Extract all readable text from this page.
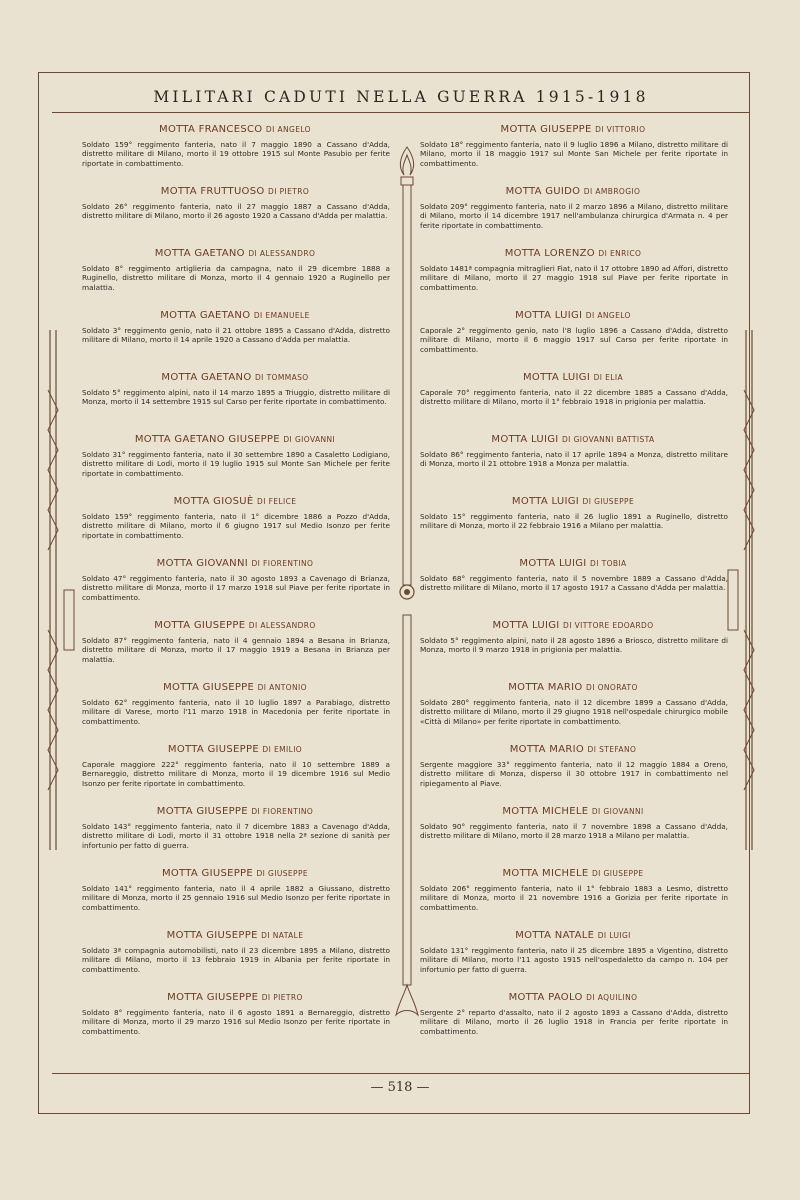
MILITARI CADUTI NELLA GUERRA 1915-1918

MOTTA FRANCESCO DI ANGELO

Soldato 159° reggimento fanteria, nato il 7 maggio 1890 a Cassano d'Adda, distretto militare di Milano, morto il 19 ottobre 1915 sul Monte Pasubio per ferite riportate in combattimento.

MOTTA FRUTTUOSO DI PIETRO

Soldato 26° reggimento fanteria, nato il 27 maggio 1887 a Cassano d'Adda, distretto militare di Milano, morto il 26 agosto 1920 a Cassano d'Adda per malattia.

MOTTA GAETANO DI ALESSANDRO

Soldato 8° reggimento artiglieria da campagna, nato il 29 dicembre 1888 a Ruginello, distretto militare di Monza, morto il 4 gennaio 1920 a Ruginello per malattia.

MOTTA GAETANO DI EMANUELE

Soldato 3° reggimento genio, nato il 21 ottobre 1895 a Cassano d'Adda, distretto militare di Milano, morto il 14 aprile 1920 a Cassano d'Adda per malattia.

MOTTA GAETANO DI TOMMASO

Soldato 5° reggimento alpini, nato il 14 marzo 1895 a Triuggio, distretto militare di Monza, morto il 14 settembre 1915 sul Carso per ferite riportate in combattimento.

MOTTA GAETANO GIUSEPPE DI GIOVANNI

Soldato 31° reggimento fanteria, nato il 30 settembre 1890 a Casaletto Lodigiano, distretto militare di Lodi, morto il 19 luglio 1915 sul Monte San Michele per ferite riportate in combattimento.

MOTTA GIOSUÈ DI FELICE

Soldato 159° reggimento fanteria, nato il 1° dicembre 1886 a Pozzo d'Adda, distretto militare di Milano, morto il 6 giugno 1917 sul Medio Isonzo per ferite riportate in combattimento.

MOTTA GIOVANNI DI FIORENTINO

Soldato 47° reggimento fanteria, nato il 30 agosto 1893 a Cavenago di Brianza, distretto militare di Monza, morto il 17 marzo 1918 sul Piave per ferite riportate in combattimento.

MOTTA GIUSEPPE DI ALESSANDRO

Soldato 87° reggimento fanteria, nato il 4 gennaio 1894 a Besana in Brianza, distretto militare di Monza, morto il 17 maggio 1919 a Besana in Brianza per malattia.

MOTTA GIUSEPPE DI ANTONIO

Soldato 62° reggimento fanteria, nato il 10 luglio 1897 a Parabiago, distretto militare di Varese, morto l'11 marzo 1918 in Macedonia per ferite riportate in combattimento.

MOTTA GIUSEPPE DI EMILIO

Caporale maggiore 222° reggimento fanteria, nato il 10 settembre 1889 a Bernareggio, distretto militare di Monza, morto il 19 dicembre 1916 sul Medio Isonzo per ferite riportate in combattimento.

MOTTA GIUSEPPE DI FIORENTINO

Soldato 143° reggimento fanteria, nato il 7 dicembre 1883 a Cavenago d'Adda, distretto militare di Lodi, morto il 31 ottobre 1918 nella 2ª sezione di sanità per infortunio per fatto di guerra.

MOTTA GIUSEPPE DI GIUSEPPE

Soldato 141° reggimento fanteria, nato il 4 aprile 1882 a Giussano, distretto militare di Monza, morto il 25 gennaio 1916 sul Medio Isonzo per ferite riportate in combattimento.

MOTTA GIUSEPPE DI NATALE

Soldato 3ª compagnia automobilisti, nato il 23 dicembre 1895 a Milano, distretto militare di Milano, morto il 13 febbraio 1919 in Albania per ferite riportate in combattimento.

MOTTA GIUSEPPE DI PIETRO

Soldato 8° reggimento fanteria, nato il 6 agosto 1891 a Bernareggio, distretto militare di Monza, morto il 29 marzo 1916 sul Medio Isonzo per ferite riportate in combattimento.

MOTTA GIUSEPPE DI VITTORIO

Soldato 18° reggimento fanteria, nato il 9 luglio 1896 a Milano, distretto militare di Milano, morto il 18 maggio 1917 sul Monte San Michele per ferite riportate in combattimento.

MOTTA GUIDO DI AMBROGIO

Soldato 209° reggimento fanteria, nato il 2 marzo 1896 a Milano, distretto militare di Milano, morto il 14 dicembre 1917 nell'ambulanza chirurgica d'Armata n. 4 per ferite riportate in combattimento.

MOTTA LORENZO DI ENRICO

Soldato 1481ª compagnia mitraglieri Fiat, nato il 17 ottobre 1890 ad Affori, distretto militare di Milano, morto il 27 maggio 1918 sul Piave per ferite riportate in combattimento.

MOTTA LUIGI DI ANGELO

Caporale 2° reggimento genio, nato l'8 luglio 1896 a Cassano d'Adda, distretto militare di Milano, morto il 6 maggio 1917 sul Carso per ferite riportate in combattimento.

MOTTA LUIGI DI ELIA

Caporale 70° reggimento fanteria, nato il 22 dicembre 1885 a Cassano d'Adda, distretto militare di Milano, morto il 1° febbraio 1918 in prigionia per malattia.

MOTTA LUIGI DI GIOVANNI BATTISTA

Soldato 86° reggimento fanteria, nato il 17 aprile 1894 a Monza, distretto militare di Monza, morto il 21 ottobre 1918 a Monza per malattia.

MOTTA LUIGI DI GIUSEPPE

Soldato 15° reggimento fanteria, nato il 26 luglio 1891 a Ruginello, distretto militare di Monza, morto il 22 febbraio 1916 a Milano per malattia.

MOTTA LUIGI DI TOBIA

Soldato 68° reggimento fanteria, nato il 5 novembre 1889 a Cassano d'Adda, distretto militare di Milano, morto il 17 agosto 1917 a Cassano d'Adda per malattia.

MOTTA LUIGI DI VITTORE EDOARDO

Soldato 5° reggimento alpini, nato il 28 agosto 1896 a Briosco, distretto militare di Monza, morto il 9 marzo 1918 in prigionia per malattia.

MOTTA MARIO DI ONORATO

Soldato 280° reggimento fanteria, nato il 12 dicembre 1899 a Cassano d'Adda, distretto militare di Milano, morto il 29 giugno 1918 nell'ospedale chirurgico mobile «Città di Milano» per ferite riportate in combattimento.

MOTTA MARIO DI STEFANO

Sergente maggiore 33° reggimento fanteria, nato il 12 maggio 1884 a Oreno, distretto militare di Monza, disperso il 30 ottobre 1917 in combattimento nel ripiegamento al Piave.

MOTTA MICHELE DI GIOVANNI

Soldato 90° reggimento fanteria, nato il 7 novembre 1898 a Cassano d'Adda, distretto militare di Milano, morto il 28 marzo 1918 a Milano per malattia.

MOTTA MICHELE DI GIUSEPPE

Soldato 206° reggimento fanteria, nato il 1° febbraio 1883 a Lesmo, distretto militare di Monza, morto il 21 novembre 1916 a Gorizia per ferite riportate in combattimento.

MOTTA NATALE DI LUIGI

Soldato 131° reggimento fanteria, nato il 25 dicembre 1895 a Vigentino, distretto militare di Milano, morto l'11 agosto 1915 nell'ospedaletto da campo n. 104 per infortunio per fatto di guerra.

MOTTA PAOLO DI AQUILINO

Sergente 2° reparto d'assalto, nato il 2 agosto 1893 a Cassano d'Adda, distretto militare di Milano, morto il 26 luglio 1918 in Francia per ferite riportate in combattimento.

— 518 —
